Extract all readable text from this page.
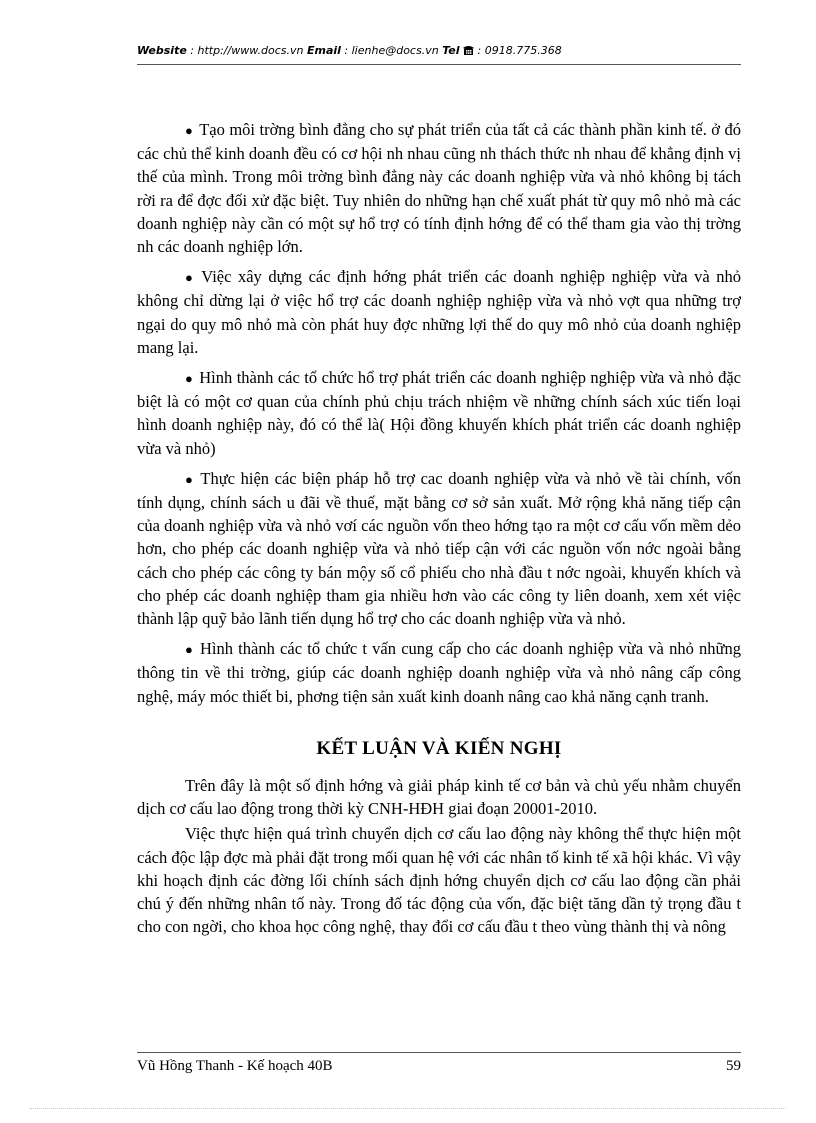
Website : http://www.docs.vn Email : lienhe@docs.vn Tel  : 0918.775.368

● Tạo môi trờng bình đẳng cho sự phát triển của tất cả các thành phần kinh tế. ở đó các chủ thể kinh doanh đều có cơ hội nh nhau cũng nh thách thức nh nhau để khẳng định vị thế của mình. Trong môi trờng bình đẳng này các doanh nghiệp vừa và nhỏ không bị tách rời ra để đợc đối xử đặc biệt. Tuy nhiên do những hạn chế xuất phát từ quy mô nhỏ mà các doanh nghiệp này cần có một sự hổ trợ có tính định hớng để có thể tham gia vào thị trờng nh các doanh nghiệp lớn.

● Việc xây dựng các định hớng phát triển các doanh nghiệp nghiệp vừa và nhỏ không chỉ dừng lại ở việc hổ trợ các doanh nghiệp nghiệp vừa và nhỏ vợt qua những trợ ngại do quy mô nhỏ mà còn phát huy đợc những lợi thế do quy mô nhỏ của doanh nghiệp mang lại.

● Hình thành các tổ chức hổ trợ phát triển các doanh nghiệp nghiệp vừa và nhỏ đặc biệt là có một cơ quan của chính phủ chịu trách nhiệm về những chính sách xúc tiến loại hình doanh nghiệp này, đó có thể là( Hội đồng khuyến khích phát triển các doanh nghiệp vừa và nhỏ)

● Thực hiện các biện pháp hỗ trợ cac doanh nghiệp vừa và nhỏ về tài chính, vốn tính dụng, chính sách u đãi về thuế, mặt bằng cơ sở sản xuất. Mở rộng khả năng tiếp cận của doanh nghiệp vừa và nhỏ vơí các nguồn vốn theo hớng tạo ra một cơ cấu vốn mềm dẻo hơn, cho phép các doanh nghiệp vừa và nhỏ tiếp cận với các nguồn vốn nớc ngoài bằng cách cho phép các công ty bán mộy số cổ phiếu cho nhà đầu t nớc ngoài, khuyến khích và cho phép các doanh nghiệp tham gia nhiều hơn vào các công ty liên doanh, xem xét việc thành lập quỹ bảo lãnh tiến dụng hổ trợ cho các doanh nghiệp vừa và nhỏ.

● Hình thành các tổ chức t vấn cung cấp cho các doanh nghiệp vừa và nhỏ những thông tin về thi trờng, giúp các doanh nghiệp doanh nghiệp vừa và nhỏ nâng cấp công nghệ, máy móc thiết bi, phơng tiện sản xuất kinh doanh nâng cao khả năng cạnh tranh.

KẾT LUẬN VÀ KIẾN NGHỊ

Trên đây là một số định hớng và giải pháp kinh tế cơ bản và chủ yếu nhằm chuyển dịch cơ cấu lao động trong thời kỳ CNH-HĐH giai đoạn 20001-2010.

Việc thực hiện quá trình chuyển dịch cơ cấu lao động này không thể thực hiện một cách độc lập đợc mà phải đặt trong mối quan hệ với các nhân tố kinh tế xã hội khác. Vì vậy khi hoạch định các đờng lối chính sách định hớng chuyển dịch cơ cấu lao động cần phải chú ý đến những nhân tố này. Trong đố tác động của vốn, đặc biệt tăng dần tỷ trọng đầu t cho con ngời, cho khoa học công nghệ, thay đổi cơ cấu đầu t theo vùng thành thị và nông

Vũ Hồng Thanh - Kế hoạch 40B	59
